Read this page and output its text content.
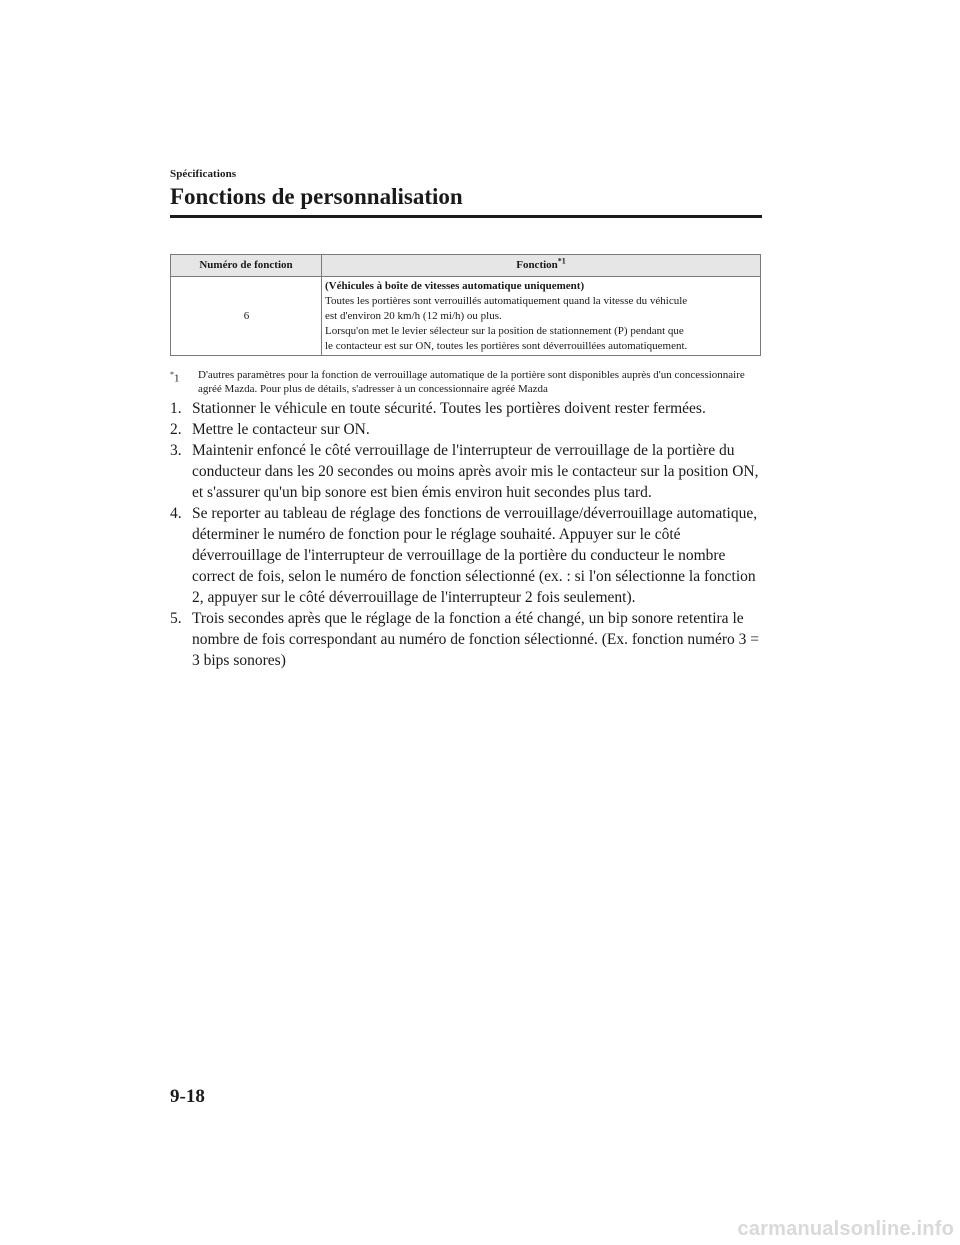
Spécifications
Fonctions de personnalisation
Numéro de fonction	Fonction$^{*1}$
6	(Véhicules à boîte de vitesses automatique uniquement)
Toutes les portières sont verrouillés automatiquement quand la vitesse du véhicule
est d'environ 20 km/h (12 mi/h) ou plus.
Lorsqu'on met le levier sélecteur sur la position de stationnement (P) pendant que
le contacteur est sur ON, toutes les portières sont déverrouillées automatiquement.
*1 D'autres paramètres pour la fonction de verrouillage automatique de la portière sont disponibles auprès d'un concessionnaire agréé Mazda. Pour plus de détails, s'adresser à un concessionnaire agréé Mazda
1. Stationner le véhicule en toute sécurité. Toutes les portières doivent rester fermées.
2. Mettre le contacteur sur ON.
3. Maintenir enfoncé le côté verrouillage de l'interrupteur de verrouillage de la portière du conducteur dans les 20 secondes ou moins après avoir mis le contacteur sur la position ON, et s'assurer qu'un bip sonore est bien émis environ huit secondes plus tard.
4. Se reporter au tableau de réglage des fonctions de verrouillage/déverrouillage automatique, déterminer le numéro de fonction pour le réglage souhaité. Appuyer sur le côté déverrouillage de l'interrupteur de verrouillage de la portière du conducteur le nombre correct de fois, selon le numéro de fonction sélectionné (ex. : si l'on sélectionne la fonction 2, appuyer sur le côté déverrouillage de l'interrupteur 2 fois seulement).
5. Trois secondes après que le réglage de la fonction a été changé, un bip sonore retentira le nombre de fois correspondant au numéro de fonction sélectionné. (Ex. fonction numéro 3 = 3 bips sonores)
9-18
carmanualsonline.info
